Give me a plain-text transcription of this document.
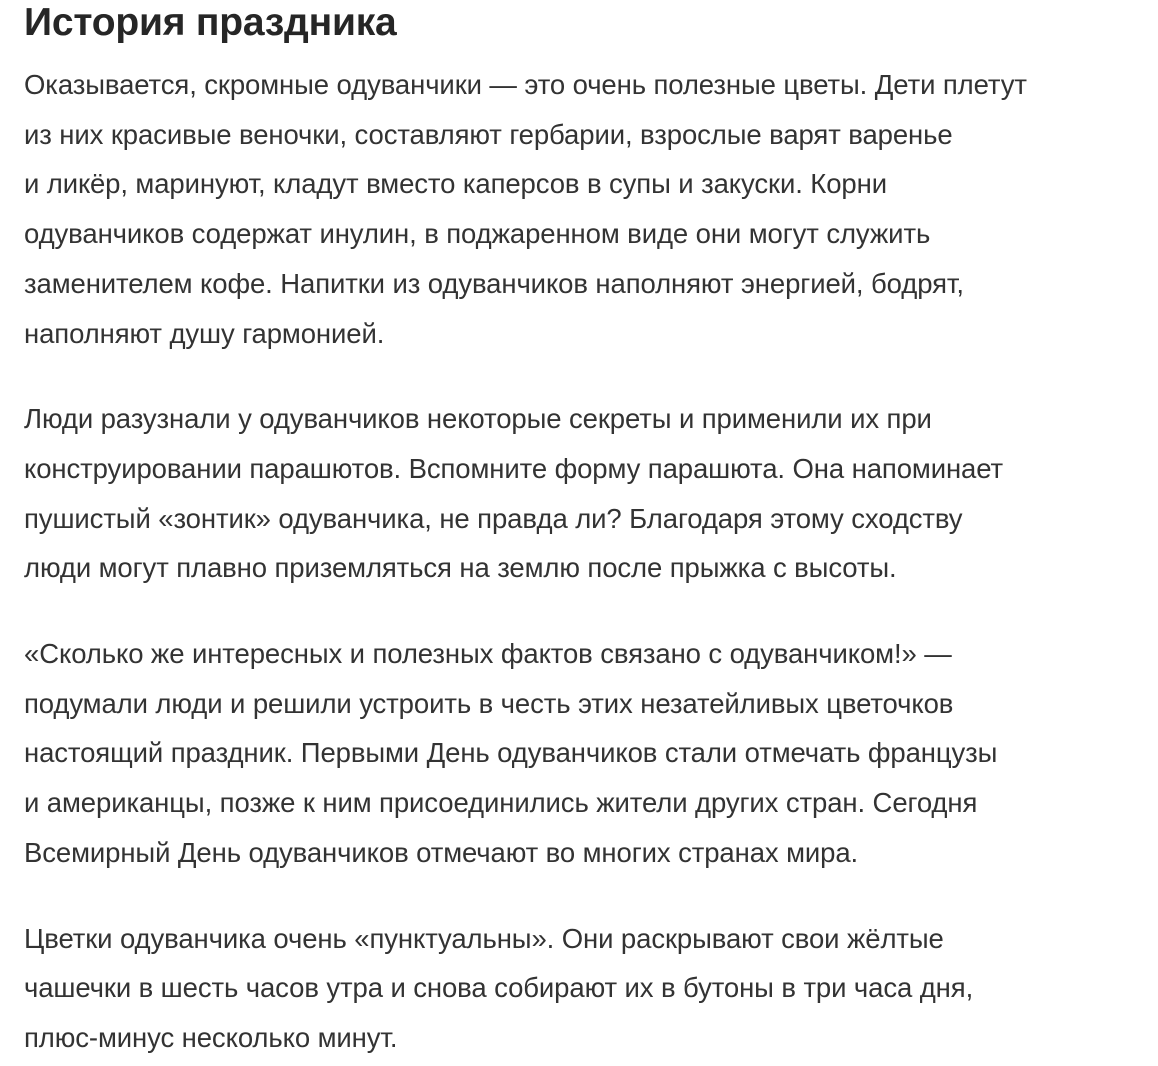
История праздника

Оказывается, скромные одуванчики — это очень полезные цветы. Дети плетут
из них красивые веночки, составляют гербарии, взрослые варят варенье
и ликёр, маринуют, кладут вместо каперсов в супы и закуски. Корни
одуванчиков содержат инулин, в поджаренном виде они могут служить
заменителем кофе. Напитки из одуванчиков наполняют энергией, бодрят,
наполняют душу гармонией.

Люди разузнали у одуванчиков некоторые секреты и применили их при
конструировании парашютов. Вспомните форму парашюта. Она напоминает
пушистый «зонтик» одуванчика, не правда ли? Благодаря этому сходству
люди могут плавно приземляться на землю после прыжка с высоты.

«Сколько же интересных и полезных фактов связано с одуванчиком!» —
подумали люди и решили устроить в честь этих незатейливых цветочков
настоящий праздник. Первыми День одуванчиков стали отмечать французы
и американцы, позже к ним присоединились жители других стран. Сегодня
Всемирный День одуванчиков отмечают во многих странах мира.

Цветки одуванчика очень «пунктуальны». Они раскрывают свои жёлтые
чашечки в шесть часов утра и снова собирают их в бутоны в три часа дня,
плюс-минус несколько минут.
